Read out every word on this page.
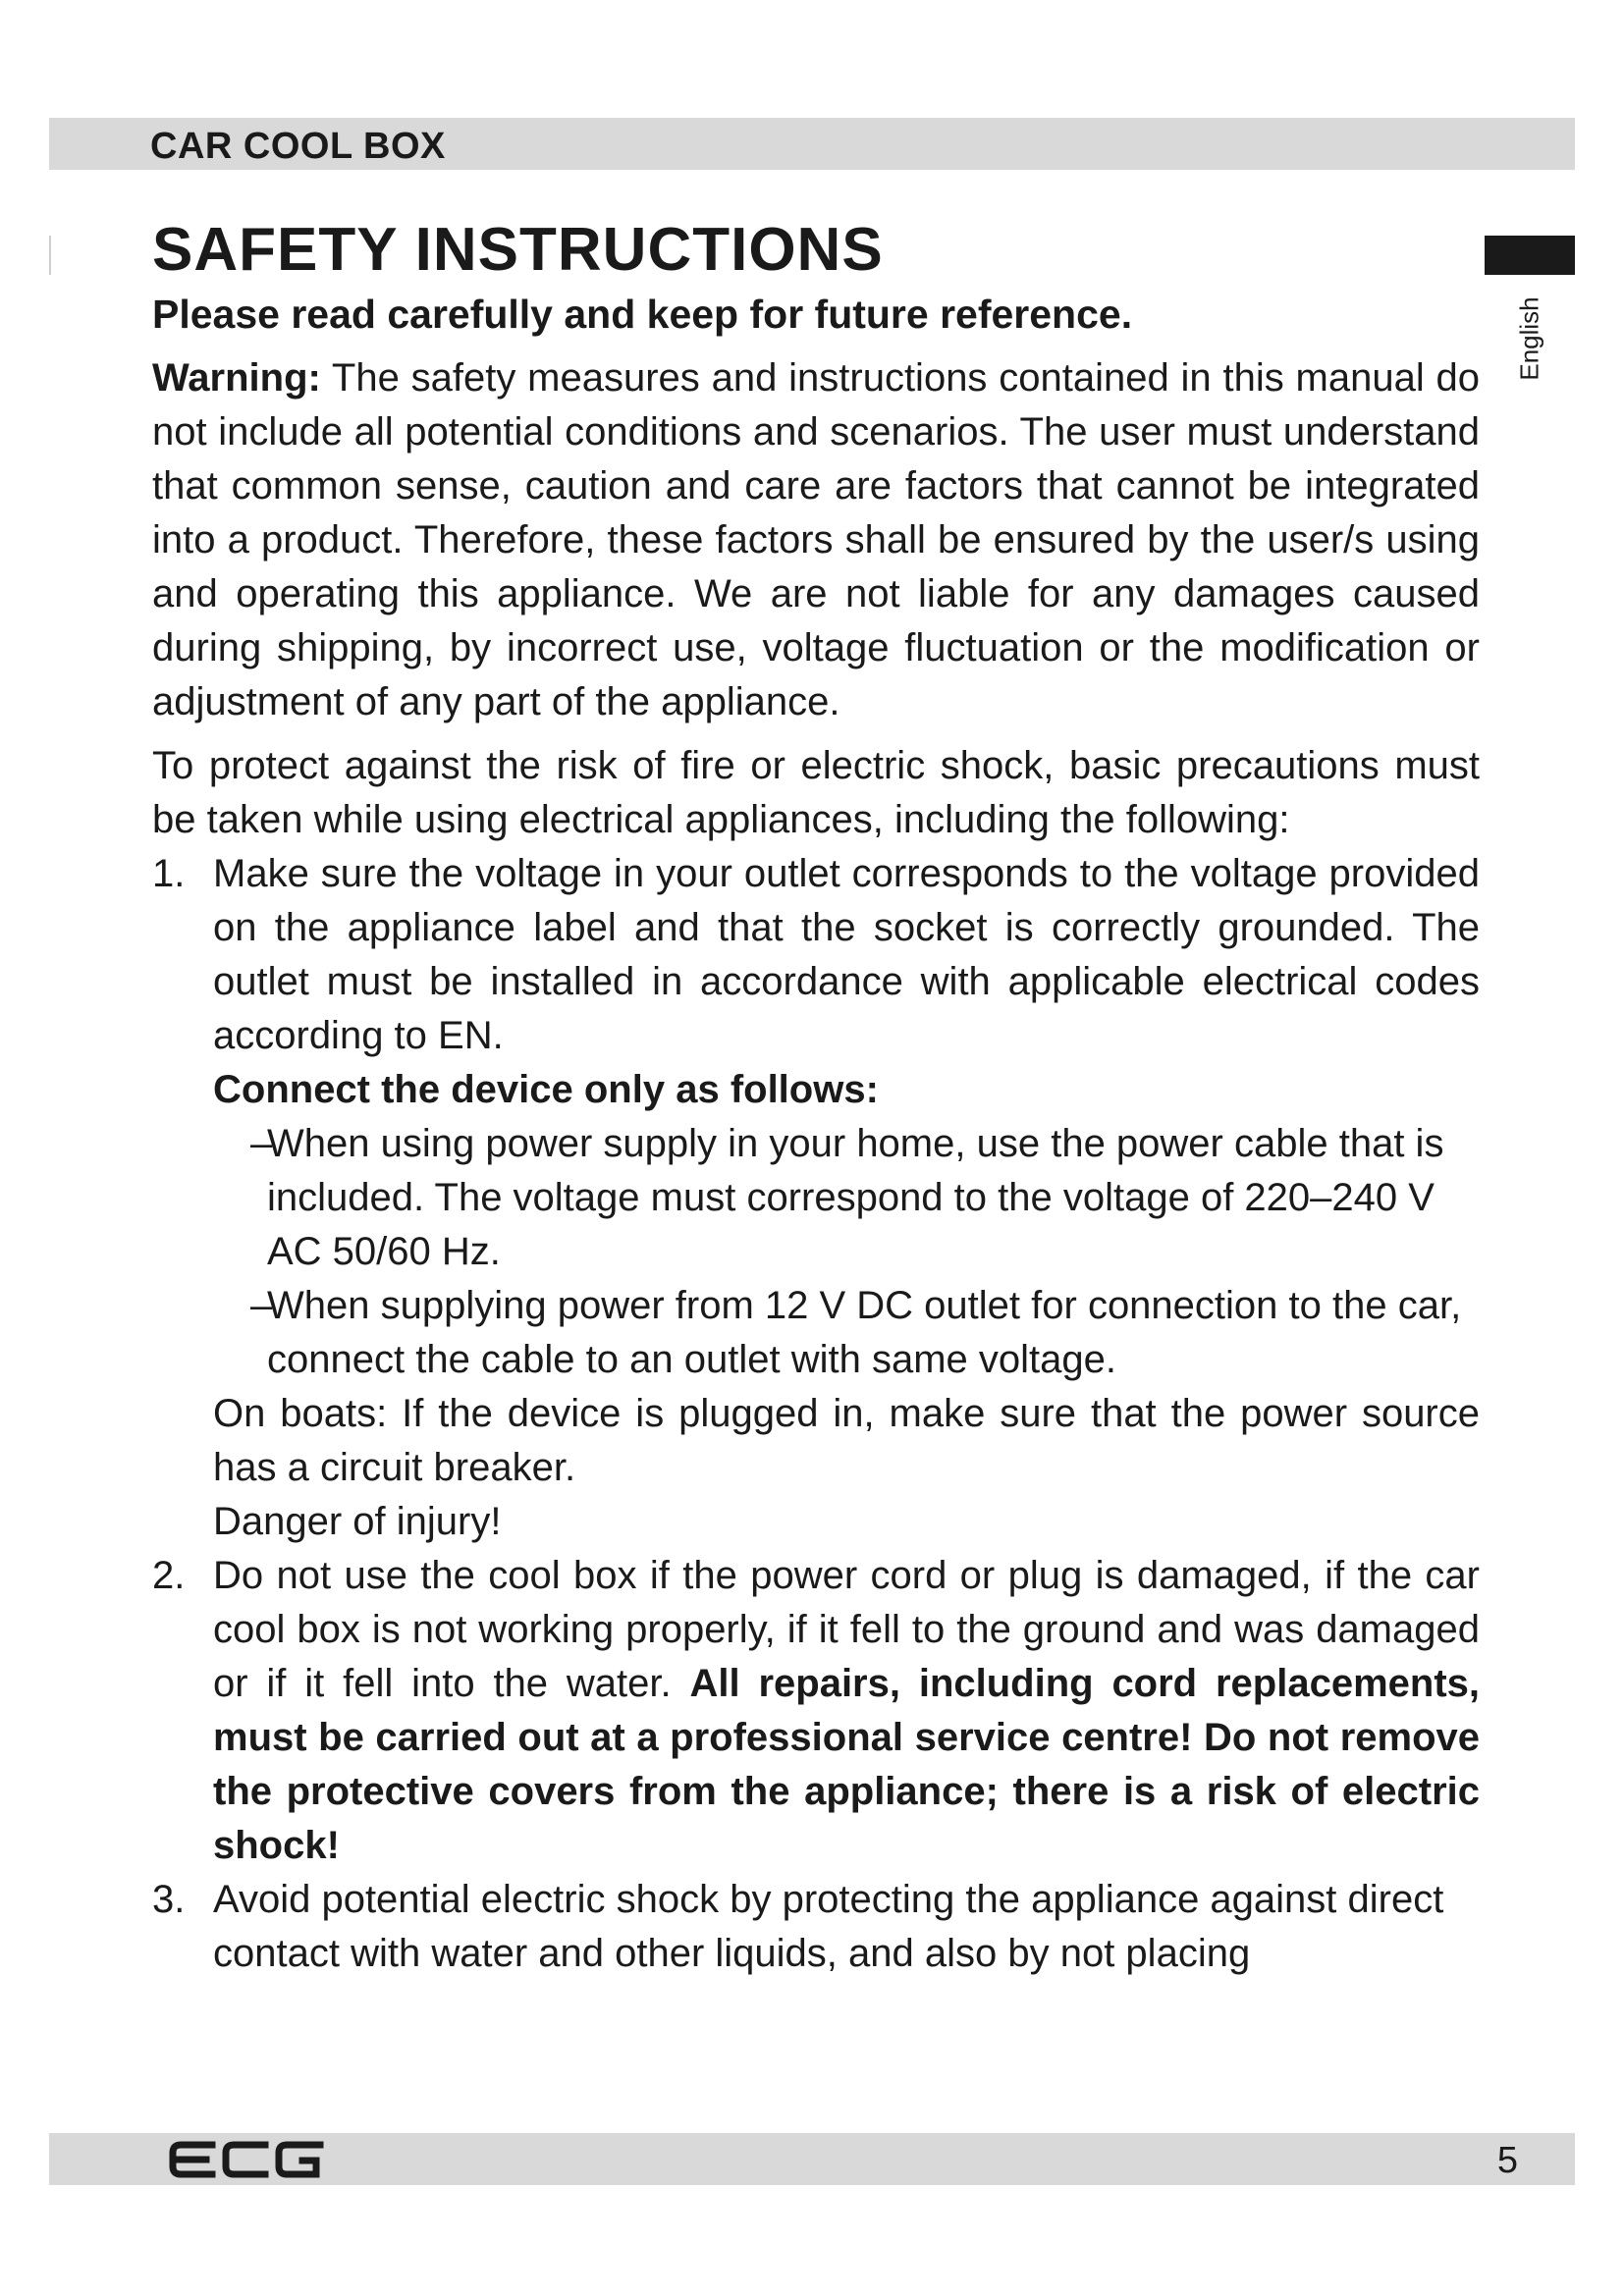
CAR COOL BOX
English
SAFETY INSTRUCTIONS
Please read carefully and keep for future reference.

Warning: The safety measures and instructions contained in this manual do not include all potential conditions and scenarios. The user must understand that common sense, caution and care are factors that cannot be integrated into a product. Therefore, these factors shall be ensured by the user/s using and operating this appliance. We are not liable for any damages caused during shipping, by incorrect use, voltage fluctuation or the modification or adjustment of any part of the appliance.

To protect against the risk of fire or electric shock, basic precautions must be taken while using electrical appliances, including the following:

1. Make sure the voltage in your outlet corresponds to the voltage provided on the appliance label and that the socket is correctly grounded. The outlet must be installed in accordance with applicable electrical codes according to EN.

Connect the device only as follows:

–

When using power supply in your home, use the power cable that is included. The voltage must correspond to the voltage of 220–240 V AC 50/60 Hz.

–

When supplying power from 12 V DC outlet for connection to the car, connect the cable to an outlet with same voltage.

On boats: If the device is plugged in, make sure that the power source has a circuit breaker.

Danger of injury!

2. Do not use the cool box if the power cord or plug is damaged, if the car cool box is not working properly, if it fell to the ground and was damaged or if it fell into the water. All repairs, including cord replacements, must be carried out at a professional service centre! Do not remove the protective covers from the appliance; there is a risk of electric shock!

3. Avoid potential electric shock by protecting the appliance against direct contact with water and other liquids, and also by not placing

5
